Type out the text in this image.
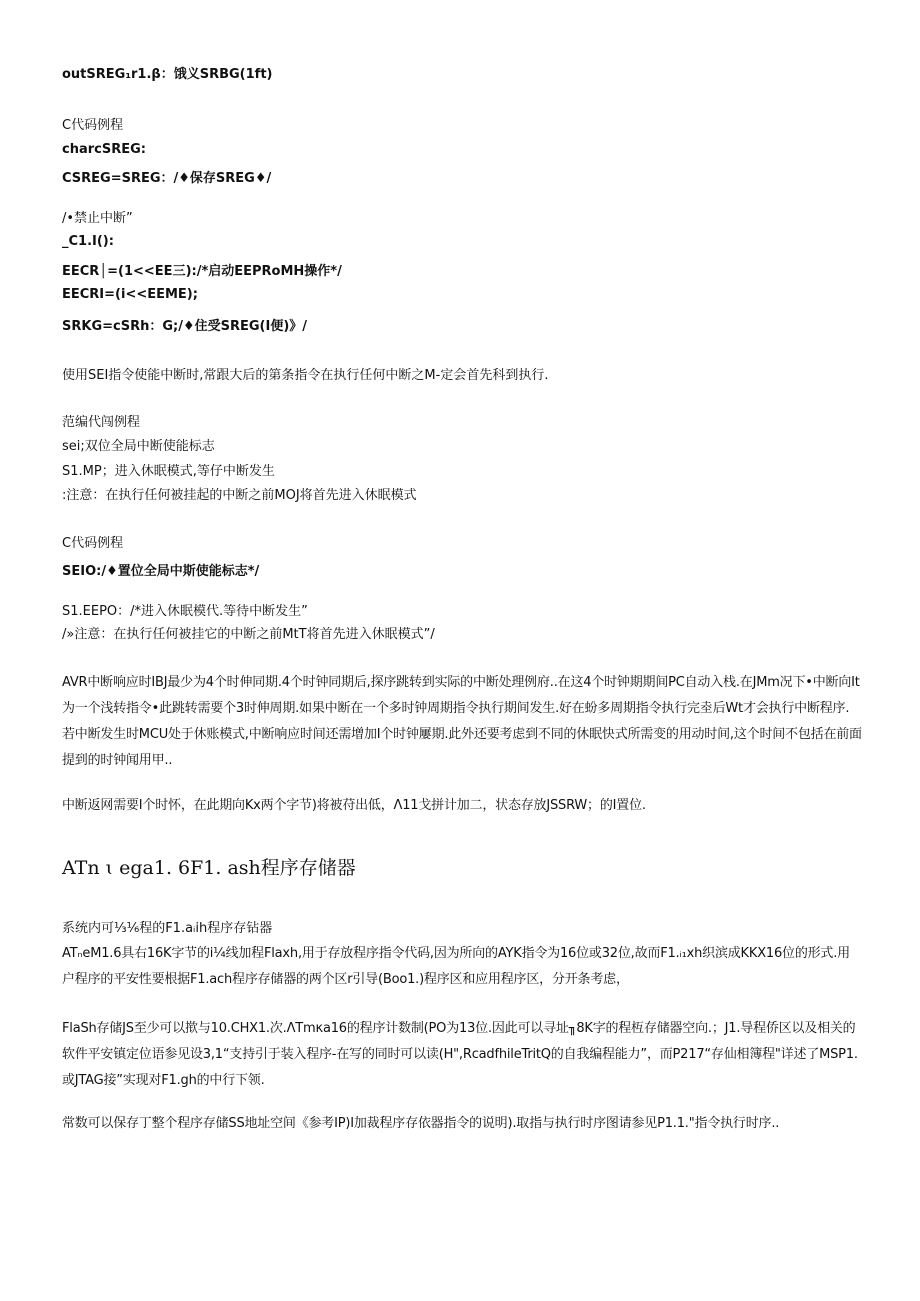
outSREG₁r1.β：饿义SRBG(1ft)
C代码例程
charcSREG:
CSREG=SREG：/♦保存SREG♦/
/•禁止中断”
_C1.I():
EECR│=(1<<EE三):/*启动EEPRoMH操作*/
EECRI=(i<<EEME);
SRKG=cSRh：G;/♦住受SREG(I便)》/
使用SEI指令使能中断时,常跟大后的第条指令在执行任何中断之M-定会首先科到执行.
范编代闯例程
sei;双位全局中断使能标志
S1.MP；进入休眠模式,等仔中断发生
:注意：在执行任何被挂起的中断之前MOJ将首先进入休眠模式
C代码例程
SEIO:/♦置位全局中斯使能标志*/
S1.EEPO：/*进入休眠模代.等待中断发生”
/»注意：在执行任何被挂它的中断之前MtT将首先进入休眠模式”/
AVR中断响应时IBJ最少为4个时伸同期.4个时钟同期后,探序跳转到实际的中断处理例府..在这4个时钟期期间PC自动入栈.在JMm况下•中断向It为一个浅转指令•此跳转需要个3时伸周期.如果中断在一个多时钟周期指令执行期间发生.好在蚡多周期指令执行完坴后Wt才会执行中断程序.若中断发生时MCU处于休账模式,中断响应时间还需增加I个时钟屢期.此外还要考虑到不同的休眠快式所需变的用动时间,这个时间不包括在前面提到的时钟闻用甲..
中断返网需要I个时怀，在此期向Kx两个字节)将被苻出低，Λ11戈拼计加二，状态存放JSSRW；的I置位.
ATn ɩ ega1. 6F1. ash程序存储器
系统内可⅓⅙程的F1.aᵢih程序存钻器
ATₙeM1.6具右16K字节的i¼线加程Flaxh,用于存放程序指令代码,因为所向的AYK指令为16位或32位,故而F1.ᵢ₁xh织滨成KKX16位的形式.用户程序的平安性要根据F1.ach程序存储器的两个区r引导(Boo1.)程序区和应用程序区，分开条考虑，
FlaSh存储JS至少可以揿与10.CHX1.次.ΛTmκa16的程序计数制(PO为13位.因此可以寻址╖8K字的程枑存储器空向.；J1.导程侨区以及相关的软件平安镇定位语参见设3,1“支持引于装入程序-在写的同时可以读(H",RcadfhileTritQ的自我编程能力”，而P217“存仙相簿程"详述了MSP1.或JTAG接”实现对F1.gh的中行下领.
常数可以保存丁整个程序存储SS地址空间《参考ⅠP)I加裁程序存依器指令的说明).取指与执行时序图请参见P1.1."指令执行时序..
